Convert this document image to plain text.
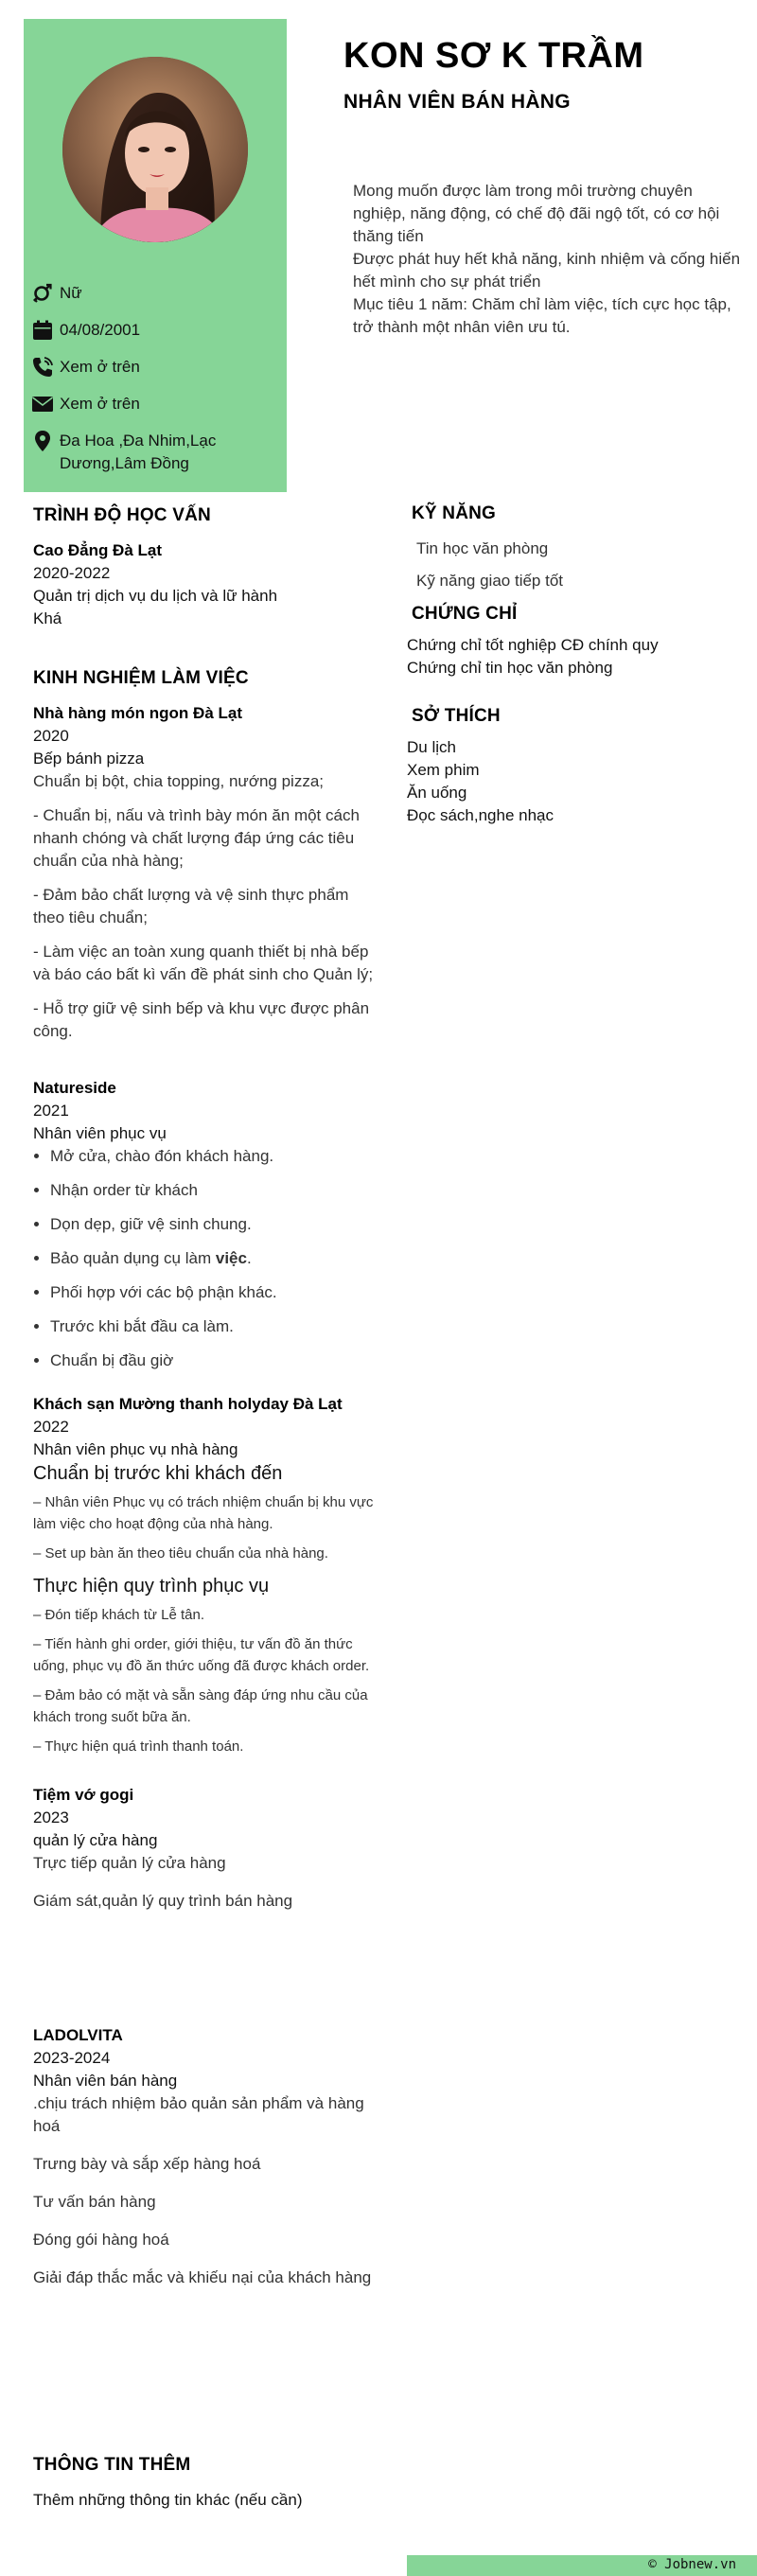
Nữ
04/08/2001
Xem ở trên
Xem ở trên
Đa Hoa ,Đa Nhim,Lạc Dương,Lâm Đồng
KON SƠ K TRẦM
NHÂN VIÊN BÁN HÀNG

Mong muốn được làm trong môi trường chuyên nghiệp, năng động, có chế độ đãi ngộ tốt, có cơ hội thăng tiến

Được phát huy hết khả năng, kinh nhiệm và cống hiến hết mình cho sự phát triển

Mục tiêu 1 năm: Chăm chỉ làm việc, tích cực học tập, trở thành một nhân viên ưu tú.

TRÌNH ĐỘ HỌC VẤN
Cao Đẳng Đà Lạt
2020-2022
Quản trị dịch vụ du lịch và lữ hành
Khá
KỸ NĂNG
Tin học văn phòng
Kỹ năng giao tiếp tốt
CHỨNG CHỈ
Chứng chỉ tốt nghiệp CĐ chính quy
Chứng chỉ tin học văn phòng
SỞ THÍCH
Du lịch
Xem phim
Ăn uống
Đọc sách,nghe nhạc
KINH NGHIỆM LÀM VIỆC
Nhà hàng món ngon Đà Lạt
2020
Bếp bánh pizza
Chuẩn bị bột, chia topping, nướng pizza;
- Chuẩn bị, nấu và trình bày món ăn một cách nhanh chóng và chất lượng đáp ứng các tiêu chuẩn của nhà hàng;
- Đảm bảo chất lượng và vệ sinh thực phẩm theo tiêu chuẩn;
- Làm việc an toàn xung quanh thiết bị nhà bếp và báo cáo bất kì vấn đề phát sinh cho Quản lý;
- Hỗ trợ giữ vệ sinh bếp và khu vực được phân công.
Natureside
2021
Nhân viên phục vụ
• Mở cửa, chào đón khách hàng.
• Nhận order từ khách
• Dọn dẹp, giữ vệ sinh chung.
• Bảo quản dụng cụ làm việc.
• Phối hợp với các bộ phận khác.
• Trước khi bắt đầu ca làm.
• Chuẩn bị đầu giờ
Khách sạn Mường thanh holyday Đà Lạt
2022
Nhân viên phục vụ nhà hàng
Chuẩn bị trước khi khách đến
– Nhân viên Phục vụ có trách nhiệm chuẩn bị khu vực làm việc cho hoạt động của nhà hàng.
– Set up bàn ăn theo tiêu chuẩn của nhà hàng.
Thực hiện quy trình phục vụ
– Đón tiếp khách từ Lễ tân.
– Tiến hành ghi order, giới thiệu, tư vấn đồ ăn thức uống, phục vụ đồ ăn thức uống đã được khách order.
– Đảm bảo có mặt và sẵn sàng đáp ứng nhu cầu của khách trong suốt bữa ăn.
– Thực hiện quá trình thanh toán.
Tiệm vớ gogi
2023
quản lý cửa hàng
Trực tiếp quản lý cửa hàng
Giám sát,quản lý quy trình bán hàng
LADOLVITA
2023-2024
Nhân viên bán hàng
.chịu trách nhiệm bảo quản sản phẩm và hàng hoá
Trưng bày và sắp xếp hàng hoá
Tư vấn bán hàng
Đóng gói hàng hoá
Giải đáp thắc mắc và khiếu nại của khách hàng
THÔNG TIN THÊM
Thêm những thông tin khác (nếu cần)
© Jobnew.vn
